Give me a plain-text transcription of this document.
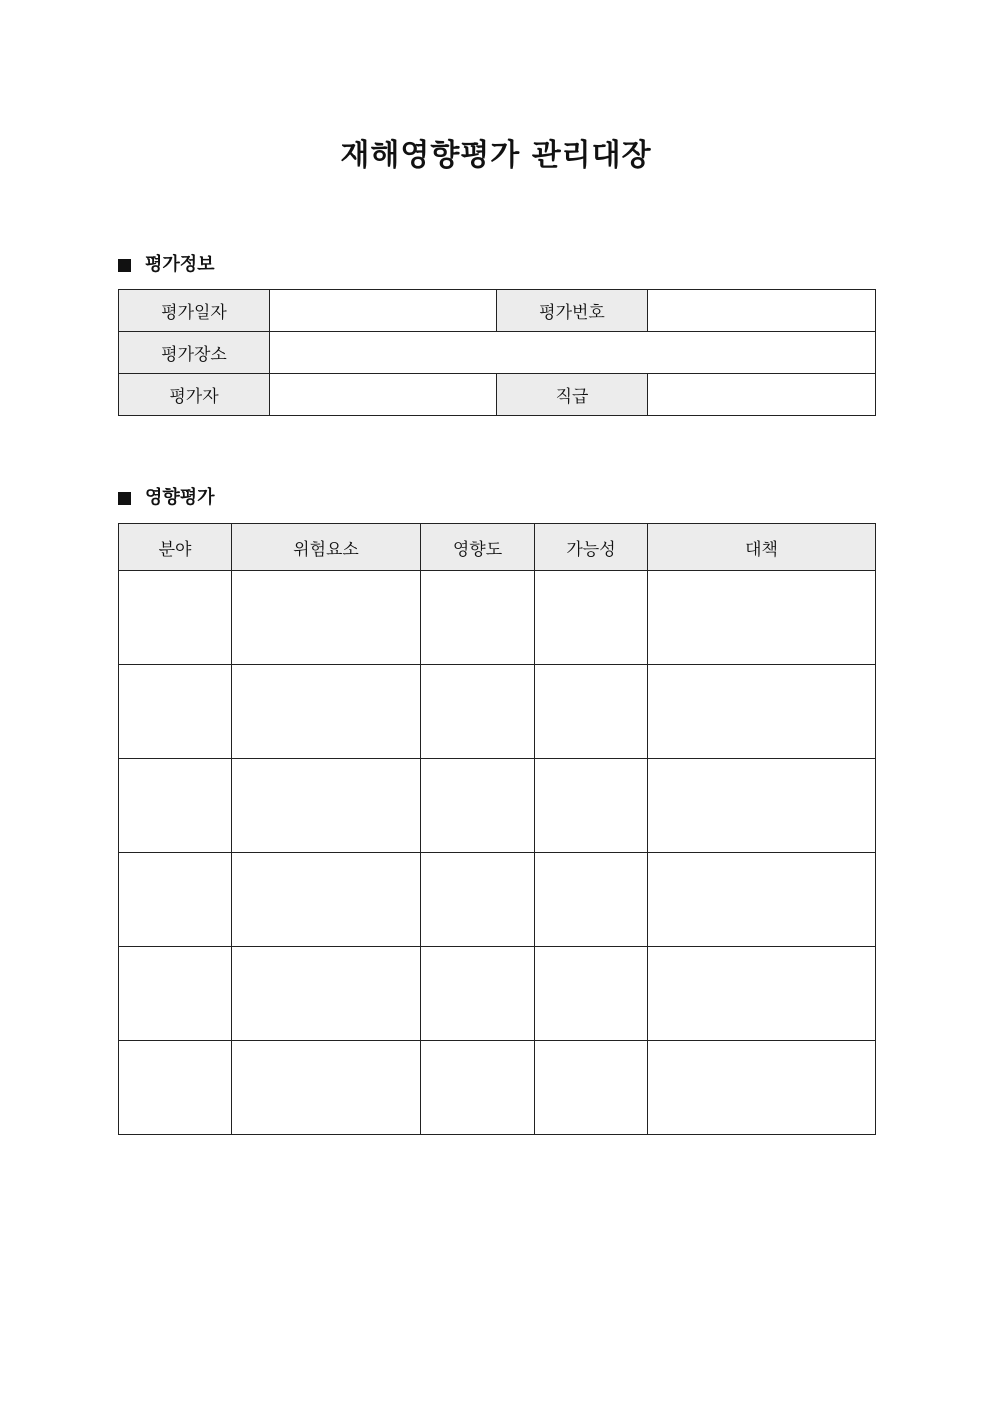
재해영향평가 관리대장
평가정보
평가일자		평가번호	
평가장소			
평가자		직급	
영향평가
분야	위험요소	영향도	가능성	대책
